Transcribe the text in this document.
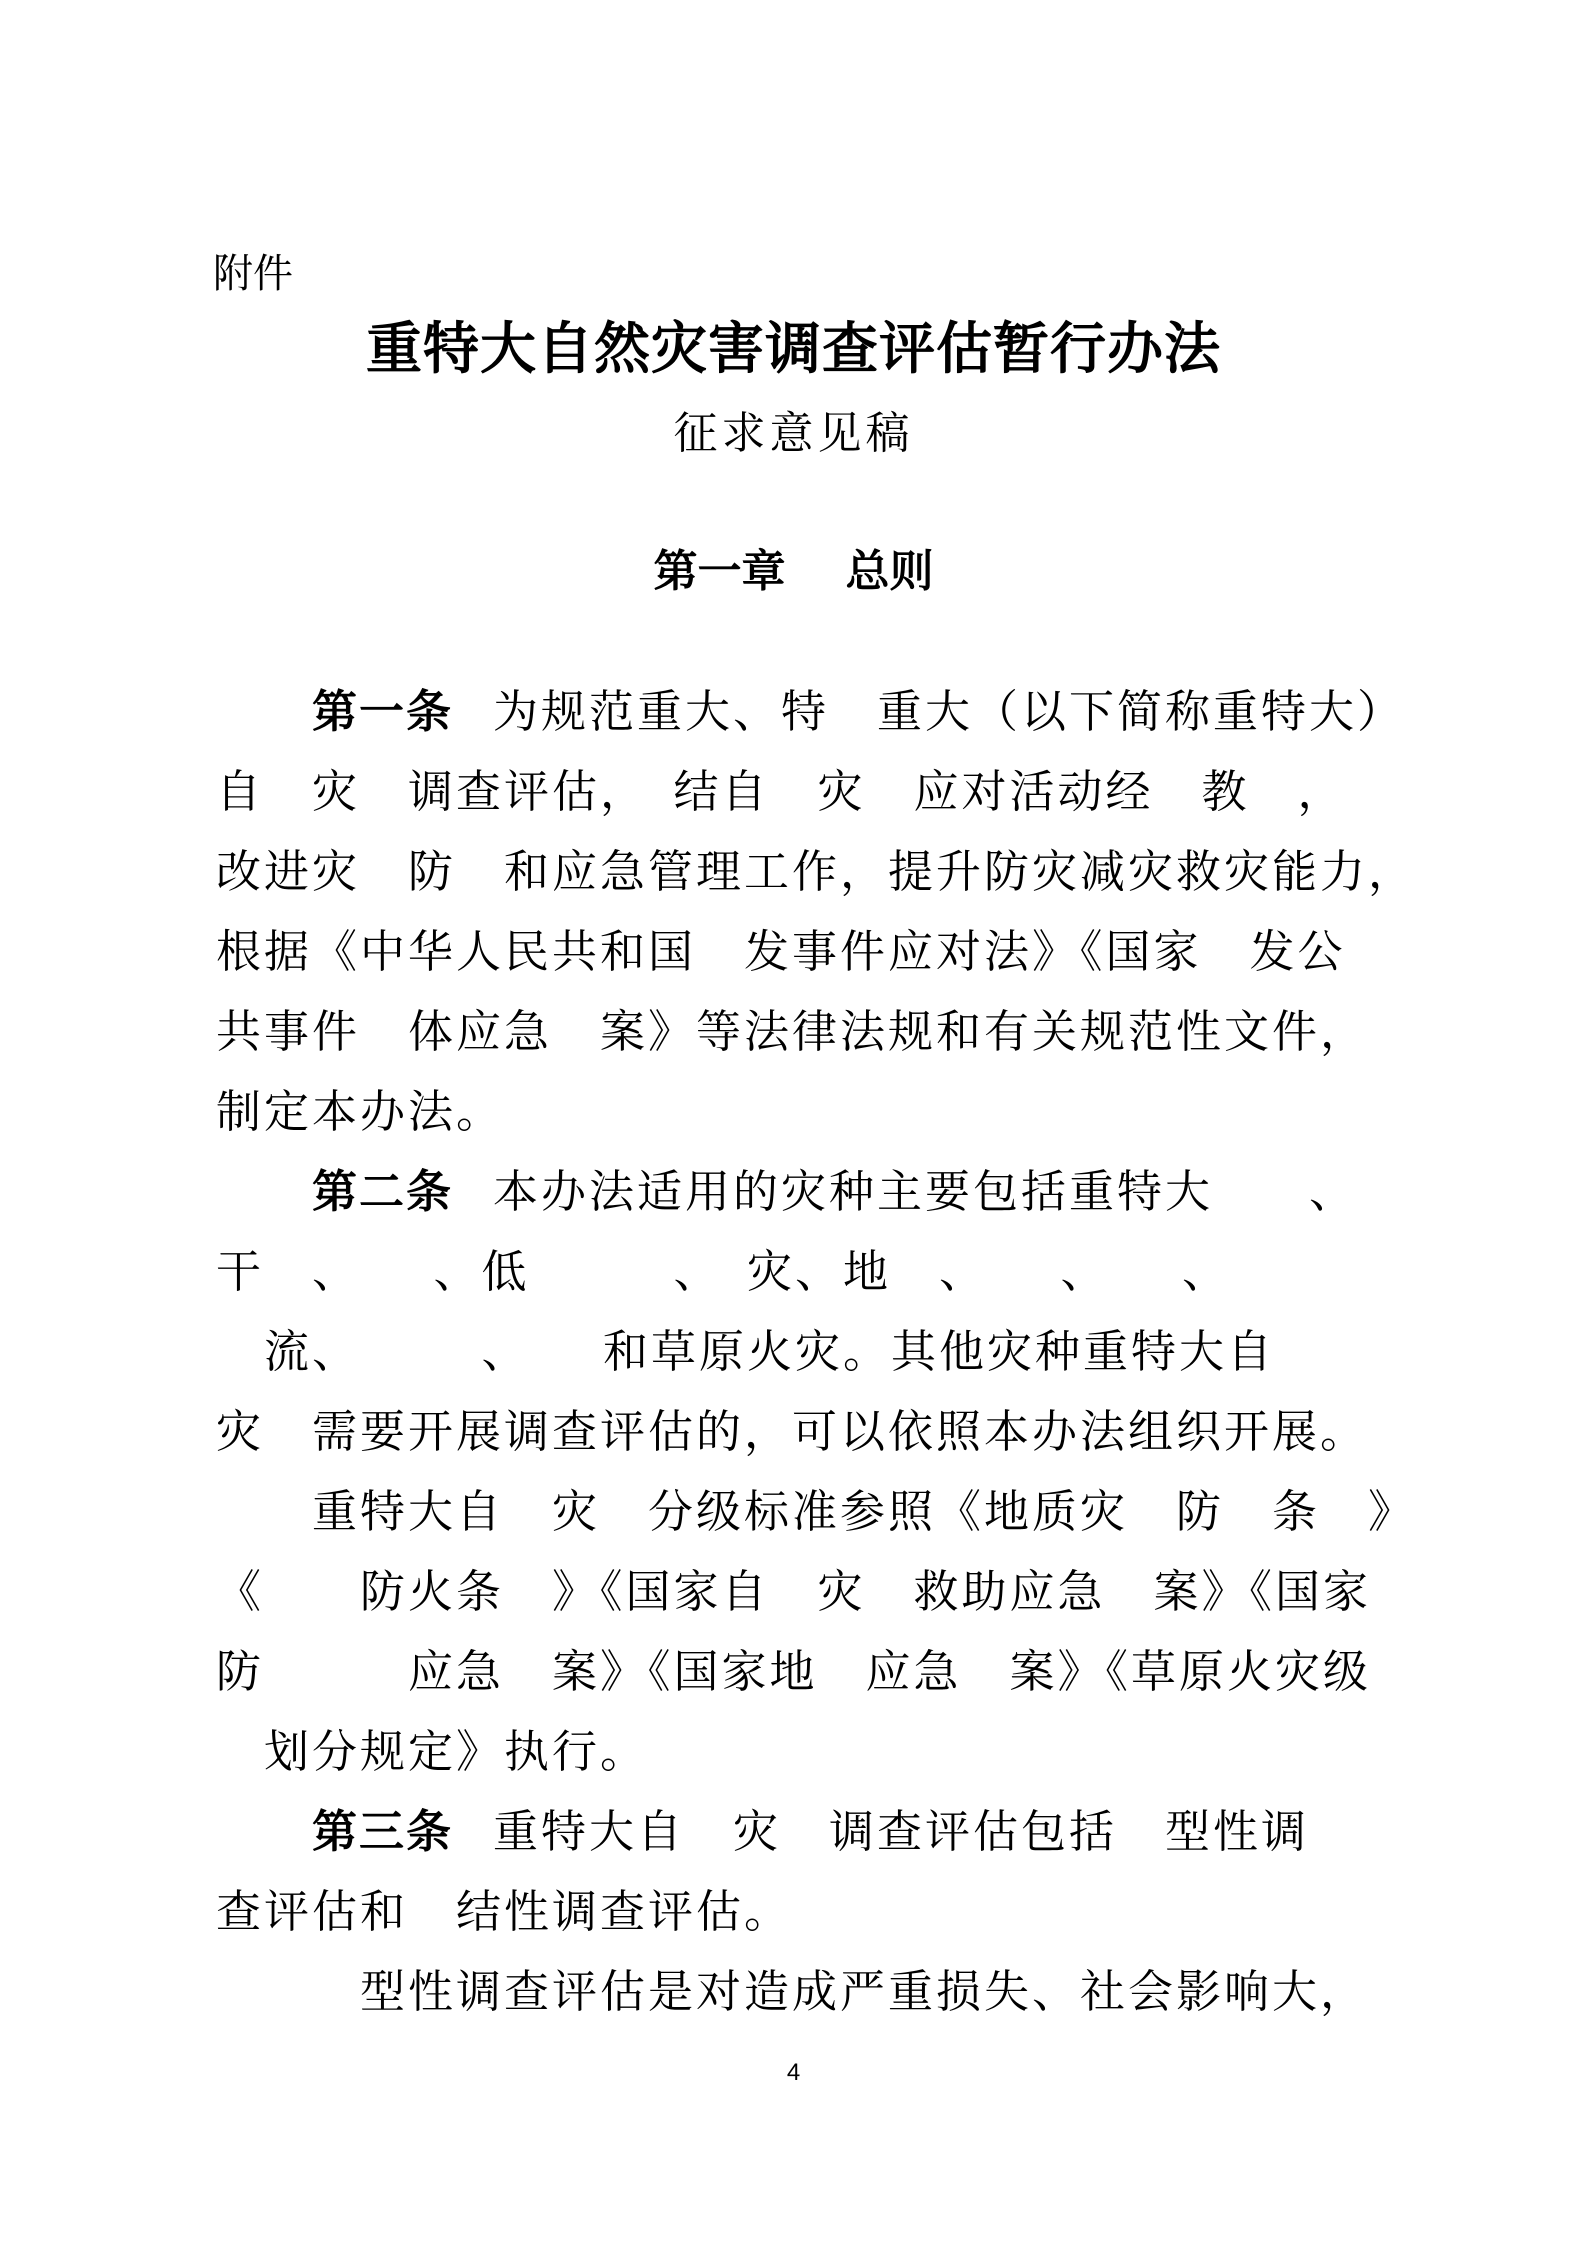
附件
重特大自然灾害调查评估暂行办法
征求意见稿
第一章 总则
第一条 为规范重大、特　重大（以下简称重特大）
自　灾　调查评估，　结自　灾　应对活动经　教　，
改进灾　防　和应急管理工作，提升防灾减灾救灾能力，
根据《中华人民共和国　发事件应对法》《国家　发公
共事件　体应急　案》等法律法规和有关规范性文件，
制定本办法。
第二条 本办法适用的灾种主要包括重特大　　、
干　、　　、低　　　、　灾、地　、　　、　　、
流、　　　、　　和草原火灾。其他灾种重特大自
灾　需要开展调查评估的，可以依照本办法组织开展。
重特大自　灾　分级标准参照《地质灾　防　条　》
《　　防火条　》《国家自　灾　救助应急　案》《国家
防　　　应急　案》《国家地　应急　案》《草原火灾级
划分规定》执行。
第三条 重特大自　灾　调查评估包括　型性调
查评估和　结性调查评估。
型性调查评估是对造成严重损失、社会影响大，
4
